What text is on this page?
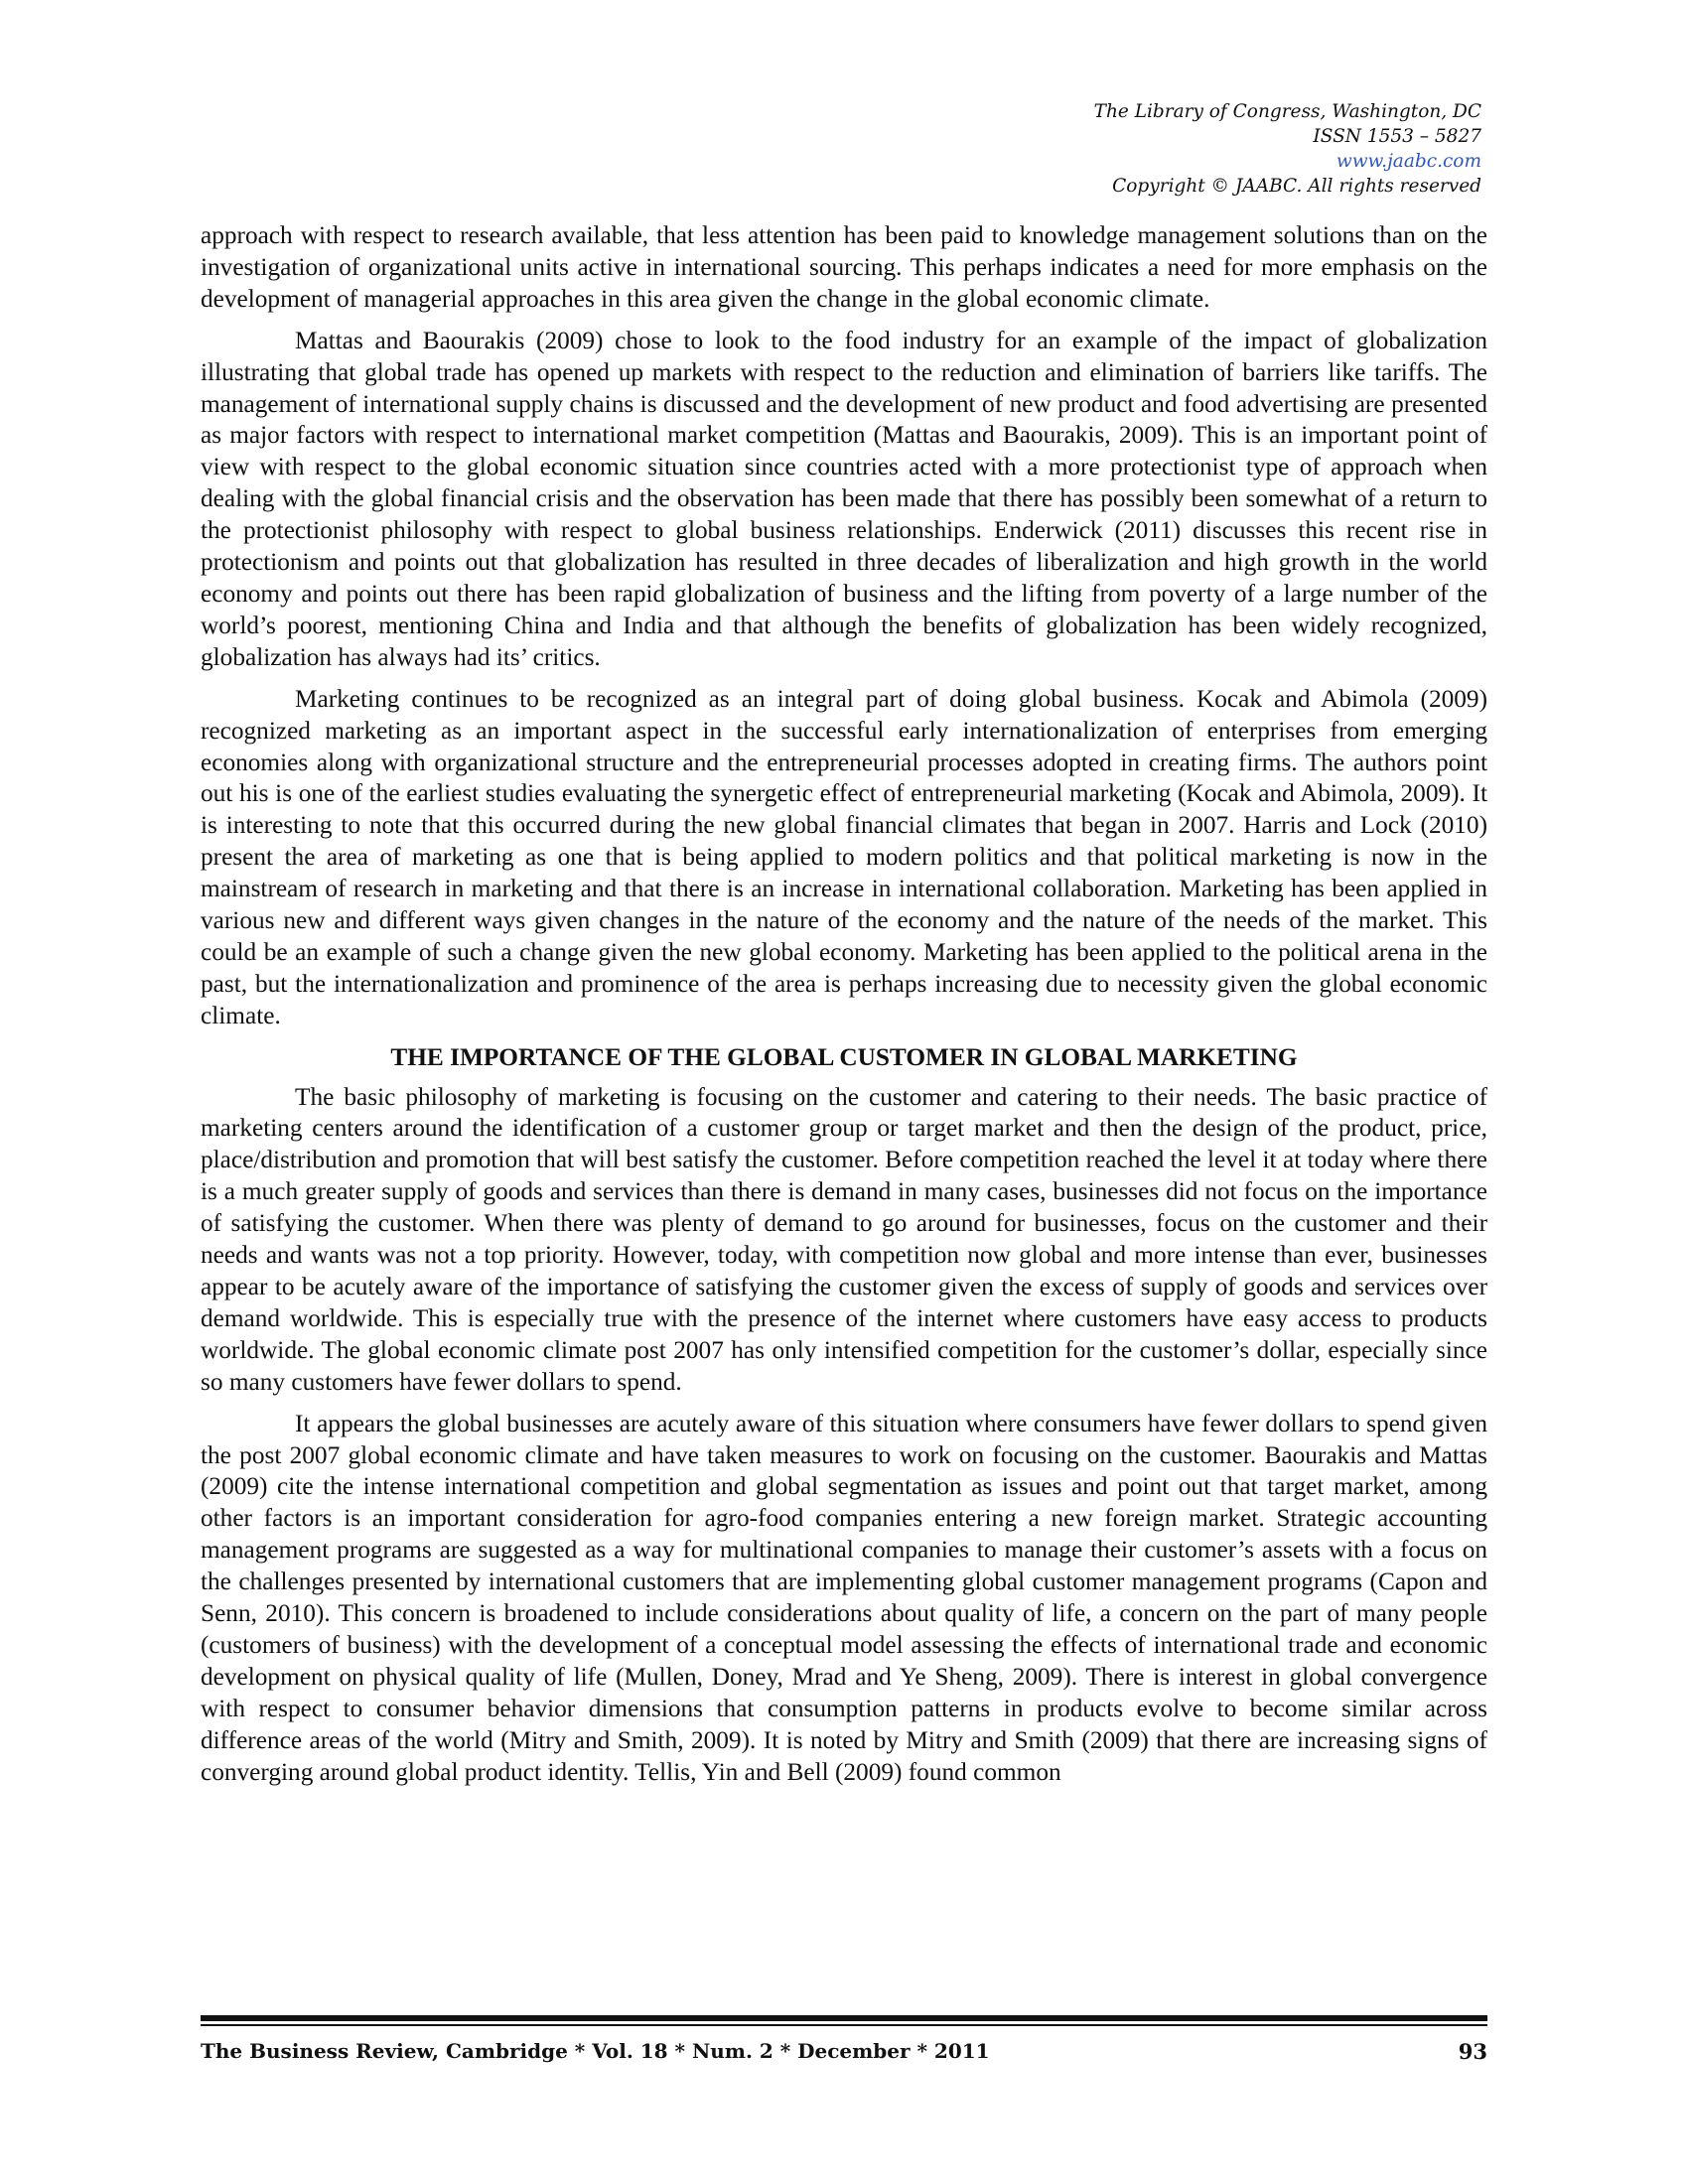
The Library of Congress, Washington, DC
ISSN 1553 – 5827
www.jaabc.com
Copyright © JAABC. All rights reserved

approach with respect to research available, that less attention has been paid to knowledge management solutions than on the investigation of organizational units active in international sourcing. This perhaps indicates a need for more emphasis on the development of managerial approaches in this area given the change in the global economic climate.

Mattas and Baourakis (2009) chose to look to the food industry for an example of the impact of globalization illustrating that global trade has opened up markets with respect to the reduction and elimination of barriers like tariffs. The management of international supply chains is discussed and the development of new product and food advertising are presented as major factors with respect to international market competition (Mattas and Baourakis, 2009). This is an important point of view with respect to the global economic situation since countries acted with a more protectionist type of approach when dealing with the global financial crisis and the observation has been made that there has possibly been somewhat of a return to the protectionist philosophy with respect to global business relationships. Enderwick (2011) discusses this recent rise in protectionism and points out that globalization has resulted in three decades of liberalization and high growth in the world economy and points out there has been rapid globalization of business and the lifting from poverty of a large number of the world’s poorest, mentioning China and India and that although the benefits of globalization has been widely recognized, globalization has always had its’ critics.

Marketing continues to be recognized as an integral part of doing global business. Kocak and Abimola (2009) recognized marketing as an important aspect in the successful early internationalization of enterprises from emerging economies along with organizational structure and the entrepreneurial processes adopted in creating firms. The authors point out his is one of the earliest studies evaluating the synergetic effect of entrepreneurial marketing (Kocak and Abimola, 2009). It is interesting to note that this occurred during the new global financial climates that began in 2007. Harris and Lock (2010) present the area of marketing as one that is being applied to modern politics and that political marketing is now in the mainstream of research in marketing and that there is an increase in international collaboration. Marketing has been applied in various new and different ways given changes in the nature of the economy and the nature of the needs of the market. This could be an example of such a change given the new global economy. Marketing has been applied to the political arena in the past, but the internationalization and prominence of the area is perhaps increasing due to necessity given the global economic climate.

THE IMPORTANCE OF THE GLOBAL CUSTOMER IN GLOBAL MARKETING

The basic philosophy of marketing is focusing on the customer and catering to their needs. The basic practice of marketing centers around the identification of a customer group or target market and then the design of the product, price, place/distribution and promotion that will best satisfy the customer. Before competition reached the level it at today where there is a much greater supply of goods and services than there is demand in many cases, businesses did not focus on the importance of satisfying the customer. When there was plenty of demand to go around for businesses, focus on the customer and their needs and wants was not a top priority. However, today, with competition now global and more intense than ever, businesses appear to be acutely aware of the importance of satisfying the customer given the excess of supply of goods and services over demand worldwide. This is especially true with the presence of the internet where customers have easy access to products worldwide. The global economic climate post 2007 has only intensified competition for the customer’s dollar, especially since so many customers have fewer dollars to spend.

It appears the global businesses are acutely aware of this situation where consumers have fewer dollars to spend given the post 2007 global economic climate and have taken measures to work on focusing on the customer. Baourakis and Mattas (2009) cite the intense international competition and global segmentation as issues and point out that target market, among other factors is an important consideration for agro-food companies entering a new foreign market. Strategic accounting management programs are suggested as a way for multinational companies to manage their customer’s assets with a focus on the challenges presented by international customers that are implementing global customer management programs (Capon and Senn, 2010). This concern is broadened to include considerations about quality of life, a concern on the part of many people (customers of business) with the development of a conceptual model assessing the effects of international trade and economic development on physical quality of life (Mullen, Doney, Mrad and Ye Sheng, 2009). There is interest in global convergence with respect to consumer behavior dimensions that consumption patterns in products evolve to become similar across difference areas of the world (Mitry and Smith, 2009). It is noted by Mitry and Smith (2009) that there are increasing signs of converging around global product identity. Tellis, Yin and Bell (2009) found common

The Business Review, Cambridge * Vol. 18 * Num. 2 * December * 2011	93
